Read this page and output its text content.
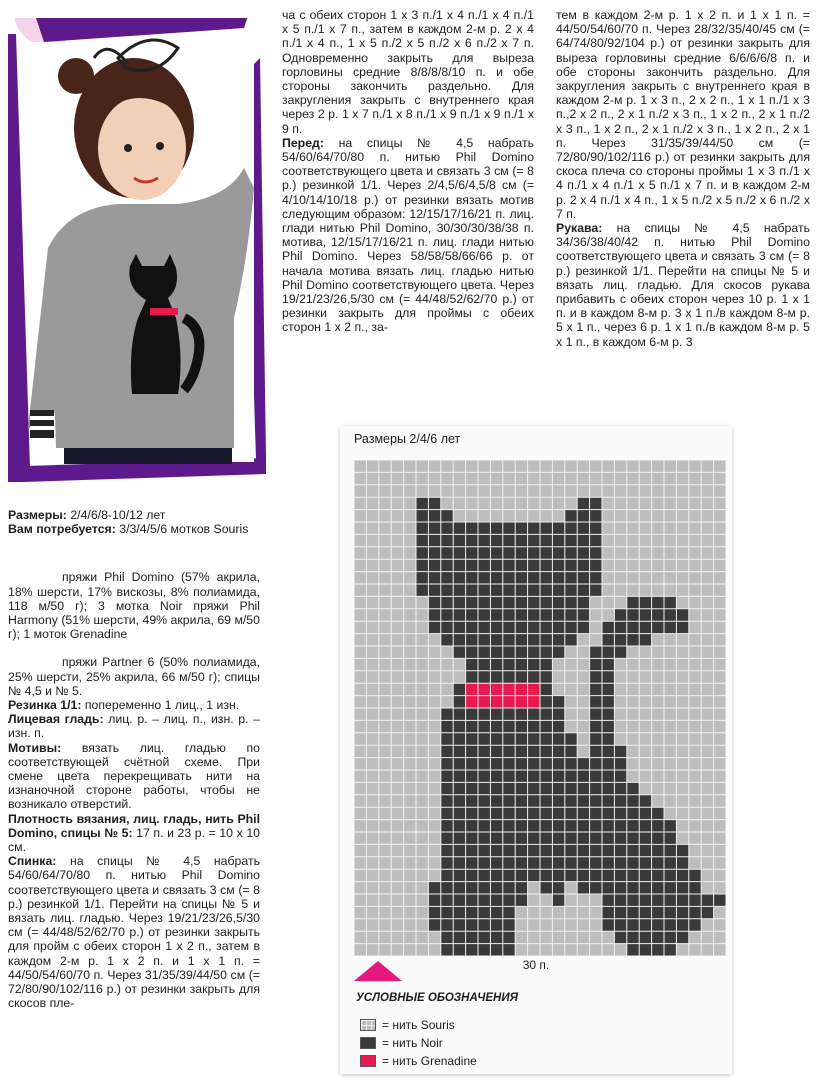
ча с обеих сторон 1 х 3 п./1 х 4 п./1 х 4 п./1 х 5 п./1 х 7 п., затем в каждом 2-м р. 2 х 4 п./1 х 4 п., 1 х 5 п./2 х 5 п./2 х 6 п./2 х 7 п. Одновременно закрыть для выреза горловины средние 8/8/8/8/10 п. и обе стороны закончить раздельно. Для закругления закрыть с внутреннего края через 2 р. 1 х 7 п./1 х 8 п./1 х 9 п./1 х 9 п./1 х 9 п.

Перед: на спицы № 4,5 набрать 54/60/64/70/80 п. нитью Phil Domino соответствующего цвета и связать 3 см (= 8 р.) резинкой 1/1. Через 2/4,5/6/4,5/8 см (= 4/10/14/10/18 р.) от резинки вязать мотив следующим образом: 12/15/17/16/21 п. лиц. глади нитью Phil Domino, 30/30/30/38/38 п. мотива, 12/15/17/16/21 п. лиц. глади нитью Phil Domino. Через 58/58/58/66/66 р. от начала мотива вязать лиц. гладью нитью Phil Domino соответствующего цвета. Через 19/21/23/26,5/30 см (= 44/48/52/62/70 р.) от резинки закрыть для проймы с обеих сторон 1 х 2 п., за-

тем в каждом 2-м р. 1 х 2 п. и 1 х 1 п. = 44/50/54/60/70 п. Через 28/32/35/40/45 см (= 64/74/80/92/104 р.) от резинки закрыть для выреза горловины средние 6/6/6/6/8 п. и обе стороны закончить раздельно. Для закругления закрыть с внутреннего края в каждом 2-м р. 1 х 3 п., 2 х 2 п., 1 х 1 п./1 х 3 п.,2 х 2 п., 2 х 1 п./2 х 3 п., 1 х 2 п., 2 х 1 п./2 х 3 п., 1 х 2 п., 2 х 1 п./2 х 3 п., 1 х 2 п., 2 х 1 п. Через 31/35/39/44/50 см (= 72/80/90/102/116 р.) от резинки закрыть для скоса плеча со стороны проймы 1 х 3 п./1 х 4 п./1 х 4 п./1 х 5 п./1 х 7 п. и в каждом 2-м р. 2 х 4 п./1 х 4 п., 1 х 5 п./2 х 5 п./2 х 6 п./2 х 7 п.

Рукава: на спицы № 4,5 набрать 34/36/38/40/42 п. нитью Phil Domino соответствующего цвета и связать 3 см (= 8 р.) резинкой 1/1. Перейти на спицы № 5 и вязать лиц. гладью. Для скосов рукава прибавить с обеих сторон через 10 р. 1 х 1 п. и в каждом 8-м р. 3 х 1 п./в каждом 8-м р. 5 х 1 п., через 6 р. 1 х 1 п./в каждом 8-м р. 5 х 1 п., в каждом 6-м р. 3

Размеры: 2/4/6/8-10/12 лет

Вам потребуется: 3/3/4/5/6 мотков Souris

пряжи Phil Domino (57% акрила, 18% шерсти, 17% вискозы, 8% полиамида, 118 м/50 г); 3 мотка Noir пряжи Phil Harmony (51% шерсти, 49% акрила, 69 м/50 г); 1 моток Grenadine

пряжи Partner 6 (50% полиамида, 25% шерсти, 25% акрила, 66 м/50 г); спицы № 4,5 и № 5.

Резинка 1/1: попеременно 1 лиц., 1 изн.

Лицевая гладь: лиц. р. – лиц. п., изн. р. – изн. п.

Мотивы: вязать лиц. гладью по соответствующей счётной схеме. При смене цвета перекрещивать нити на изнаночной стороне работы, чтобы не возникало отверстий.

Плотность вязания, лиц. гладь, нить Phil Domino, спицы № 5: 17 п. и 23 р. = 10 х 10 см.

Спинка: на спицы № 4,5 набрать 54/60/64/70/80 п. нитью Phil Domino соответствующего цвета и связать 3 см (= 8 р.) резинкой 1/1. Перейти на спицы № 5 и вязать лиц. гладью. Через 19/21/23/26,5/30 см (= 44/48/52/62/70 р.) от резинки закрыть для пройм с обеих сторон 1 х 2 п., затем в каждом 2-м р. 1 х 2 п. и 1 х 1 п. = 44/50/54/60/70 п. Через 31/35/39/44/50 см (= 72/80/90/102/116 р.) от резинки закрыть для скосов пле-

Размеры 2/4/6 лет
30 п.
УСЛОВНЫЕ ОБОЗНАЧЕНИЯ
= нить Souris
= нить Noir
= нить Grenadine
